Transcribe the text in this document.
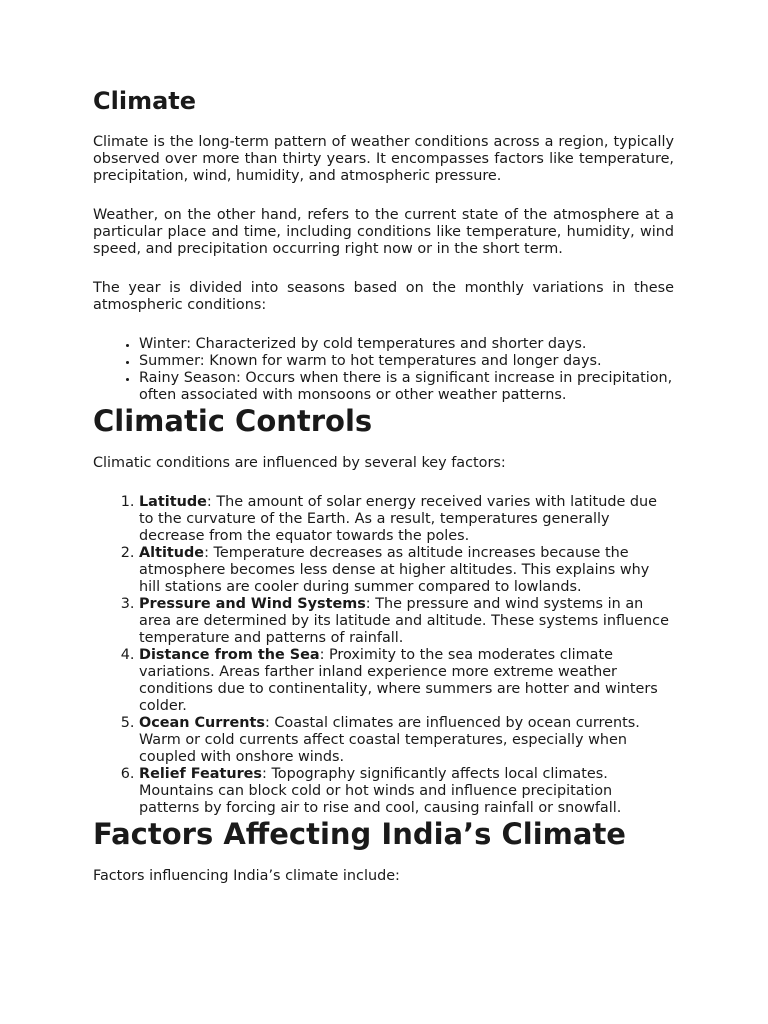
Climate

Climate is the long-term pattern of weather conditions across a region, typically observed over more than thirty years. It encompasses factors like temperature, precipitation, wind, humidity, and atmospheric pressure.

Weather, on the other hand, refers to the current state of the atmosphere at a particular place and time, including conditions like temperature, humidity, wind speed, and precipitation occurring right now or in the short term.

The year is divided into seasons based on the monthly variations in these atmospheric conditions:

• Winter: Characterized by cold temperatures and shorter days.
• Summer: Known for warm to hot temperatures and longer days.
• Rainy Season: Occurs when there is a significant increase in precipitation, often associated with monsoons or other weather patterns.
Climatic Controls

Climatic conditions are influenced by several key factors:

1. Latitude: The amount of solar energy received varies with latitude due to the curvature of the Earth. As a result, temperatures generally decrease from the equator towards the poles.
2. Altitude: Temperature decreases as altitude increases because the atmosphere becomes less dense at higher altitudes. This explains why hill stations are cooler during summer compared to lowlands.
3. Pressure and Wind Systems: The pressure and wind systems in an area are determined by its latitude and altitude. These systems influence temperature and patterns of rainfall.
4. Distance from the Sea: Proximity to the sea moderates climate variations. Areas farther inland experience more extreme weather conditions due to continentality, where summers are hotter and winters colder.
5. Ocean Currents: Coastal climates are influenced by ocean currents. Warm or cold currents affect coastal temperatures, especially when coupled with onshore winds.
6. Relief Features: Topography significantly affects local climates. Mountains can block cold or hot winds and influence precipitation patterns by forcing air to rise and cool, causing rainfall or snowfall.
Factors Affecting India’s Climate

Factors influencing India’s climate include:
